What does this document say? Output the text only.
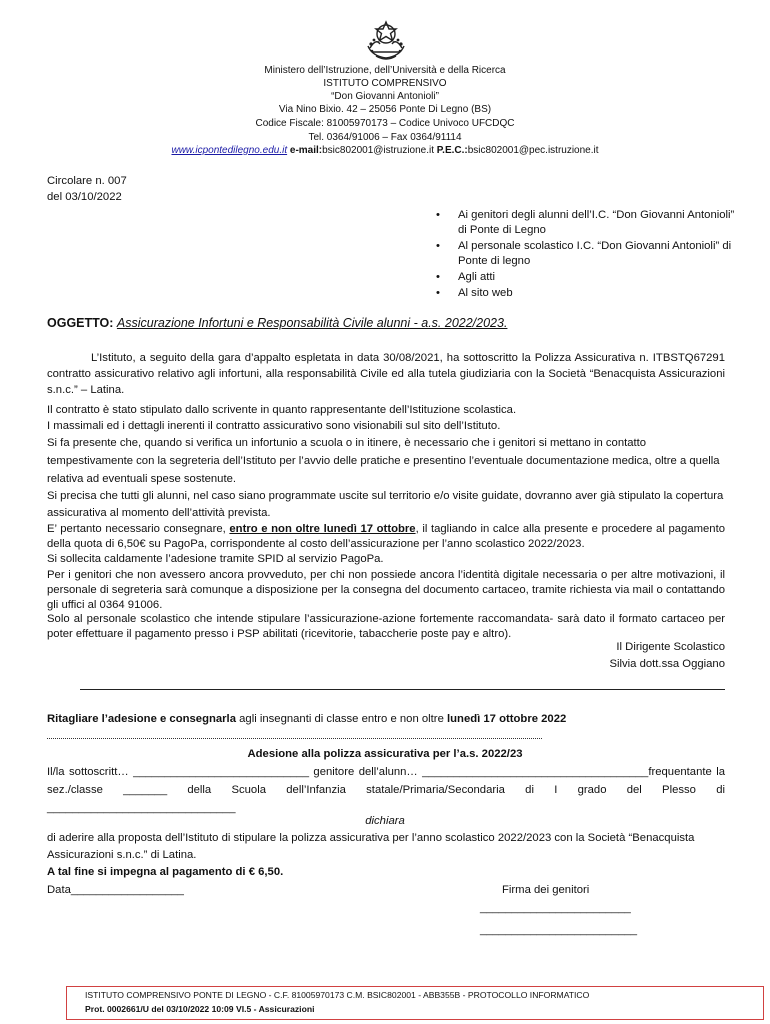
Ministero dell’Istruzione, dell’Università e della Ricerca
ISTITUTO COMPRENSIVO
“Don Giovanni Antonioli”
Via Nino Bixio. 42 – 25056 Ponte Di Legno (BS)
Codice Fiscale: 81005970173 – Codice Univoco UFCDQC
Tel. 0364/91006 – Fax 0364/91114
www.icpontedilegno.edu.it e-mail:bsic802001@istruzione.it P.E.C.:bsic802001@pec.istruzione.it
Circolare n. 007
del 03/10/2022
• Ai genitori degli alunni dell’I.C. “Don Giovanni Antonioli” di Ponte di Legno
• Al personale scolastico I.C. “Don Giovanni Antonioli” di Ponte di legno
• Agli atti
• Al sito web
OGGETTO: Assicurazione Infortuni e Responsabilità Civile alunni - a.s. 2022/2023.
L’Istituto, a seguito della gara d’appalto espletata in data 30/08/2021, ha sottoscritto la Polizza Assicurativa n. ITBSTQ67291 contratto assicurativo relativo agli infortuni, alla responsabilità Civile ed alla tutela giudiziaria con la Società “Benacquista Assicurazioni s.n.c.” – Latina.
Il contratto è stato stipulato dallo scrivente in quanto rappresentante dell’Istituzione scolastica.
I massimali ed i dettagli inerenti il contratto assicurativo sono visionabili sul sito dell’Istituto.
Si fa presente che, quando si verifica un infortunio a scuola o in itinere, è necessario che i genitori si mettano in contatto tempestivamente con la segreteria dell’Istituto per l’avvio delle pratiche e presentino l’eventuale documentazione medica, oltre a quella relativa ad eventuali spese sostenute.
Si precisa che tutti gli alunni, nel caso siano programmate uscite sul territorio e/o visite guidate, dovranno aver già stipulato la copertura assicurativa al momento dell’attività prevista.
E’ pertanto necessario consegnare, entro e non oltre lunedì 17 ottobre, il tagliando in calce alla presente e procedere al pagamento della quota di 6,50€ su PagoPa, corrispondente al costo dell’assicurazione per l’anno scolastico 2022/2023.
Si sollecita caldamente l’adesione tramite SPID al servizio PagoPa.
Per i genitori che non avessero ancora provveduto, per chi non possiede ancora l’identità digitale necessaria o per altre motivazioni, il personale di segreteria sarà comunque a disposizione per la consegna del documento cartaceo, tramite richiesta via mail o contattando gli uffici al 0364 91006.
Solo al personale scolastico che intende stipulare l’assicurazione-azione fortemente raccomandata- sarà dato il formato cartaceo per poter effettuare il pagamento presso i PSP abilitati (ricevitorie, tabaccherie poste pay e altro).
Il Dirigente Scolastico
Silvia dott.ssa Oggiano
Ritagliare l’adesione e consegnarla agli insegnanti di classe entro e non oltre lunedì 17 ottobre 2022
Adesione alla polizza assicurativa per l’a.s. 2022/23
Il/la sottoscritt… ____________________________ genitore dell’alunn… ____________________________________frequentante la sez./classe _______ della Scuola dell’Infanzia statale/Primaria/Secondaria di I grado del Plesso di ______________________________
dichiara
di aderire alla proposta dell’Istituto di stipulare la polizza assicurativa per l’anno scolastico 2022/2023 con la Società “Benacquista Assicurazioni s.n.c.” di Latina.
A tal fine si impegna al pagamento di € 6,50.
Data__________________	Firma dei genitori
________________________
_________________________
ISTITUTO COMPRENSIVO PONTE DI LEGNO - C.F. 81005970173 C.M. BSIC802001 - ABB355B - PROTOCOLLO INFORMATICO
Prot. 0002661/U del 03/10/2022 10:09 VI.5 - Assicurazioni
